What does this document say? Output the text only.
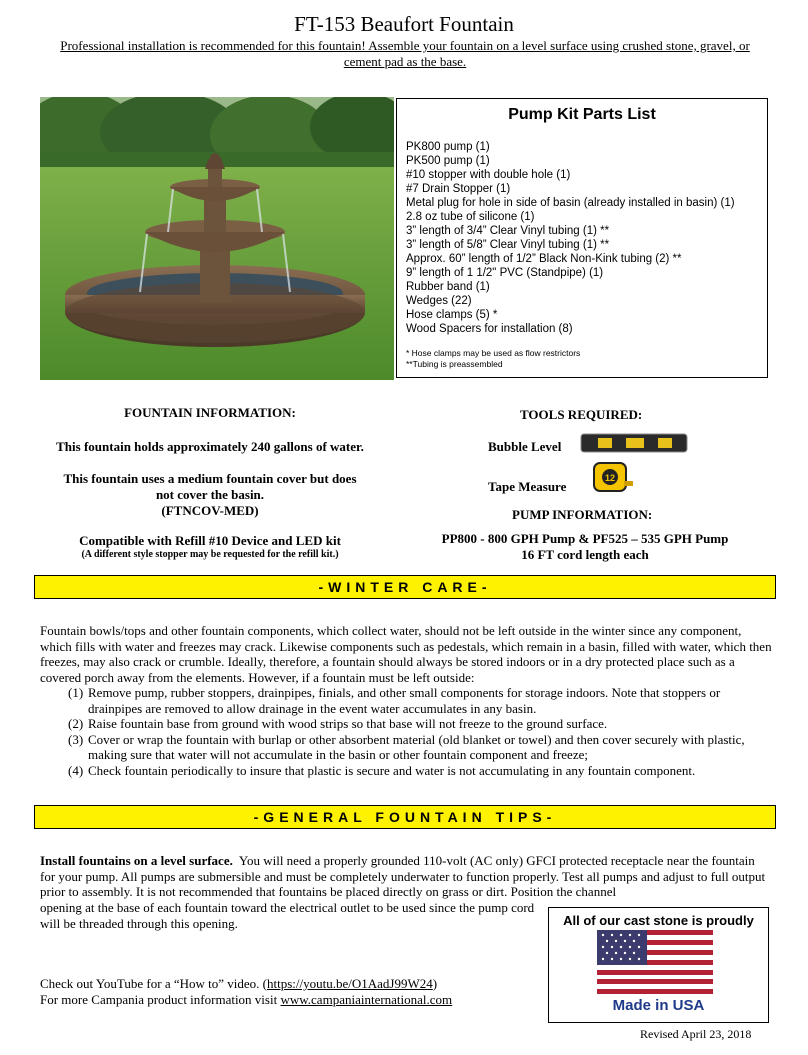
FT-153 Beaufort Fountain
Professional installation is recommended for this fountain! Assemble your fountain on a level surface using crushed stone, gravel, or cement pad as the base.
Pump Kit Parts List
PK800 pump (1)
PK500 pump (1)
#10 stopper with double hole (1)
#7 Drain Stopper (1)
Metal plug for hole in side of basin (already installed in basin) (1)
2.8 oz tube of silicone (1)
3” length of 3/4” Clear Vinyl tubing (1) **
3” length of 5/8” Clear Vinyl tubing (1) **
Approx. 60” length of 1/2” Black Non-Kink tubing (2) **
9” length of 1 1/2" PVC (Standpipe) (1)
Rubber band (1)
Wedges (22)
Hose clamps (5) *
Wood Spacers for installation (8)
* Hose clamps may be used as flow restrictors
**Tubing is preassembled

FOUNTAIN INFORMATION:

This fountain holds approximately 240 gallons of water.

This fountain uses a medium fountain cover but does

not cover the basin.

(FTNCOV-MED)

Compatible with Refill #10 Device and LED kit

(A different style stopper may be requested for the refill kit.)

TOOLS REQUIRED:
Bubble Level
Tape Measure
12
PUMP INFORMATION:
PP800 - 800 GPH Pump & PF525 – 535 GPH Pump
16 FT cord length each
-WINTER CARE-
Fountain bowls/tops and other fountain components, which collect water, should not be left outside in the winter since any component, which fills with water and freezes may crack. Likewise components such as pedestals, which remain in a basin, filled with water, which then freezes, may also crack or crumble. Ideally, therefore, a fountain should always be stored indoors or in a dry protected place such as a covered porch away from the elements. However, if a fountain must be left outside:
(1) Remove pump, rubber stoppers, drainpipes, finials, and other small components for storage indoors. Note that stoppers or drainpipes are removed to allow drainage in the event water accumulates in any basin.
(2) Raise fountain base from ground with wood strips so that base will not freeze to the ground surface.
(3) Cover or wrap the fountain with burlap or other absorbent material (old blanket or towel) and then cover securely with plastic, making sure that water will not accumulate in the basin or other fountain component and freeze;
(4) Check fountain periodically to insure that plastic is secure and water is not accumulating in any fountain component.
-GENERAL FOUNTAIN TIPS-
Install fountains on a level surface. You will need a properly grounded 110-volt (AC only) GFCI protected receptacle near the fountain for your pump. All pumps are submersible and must be completely underwater to function properly. Test all pumps and adjust to full output prior to assembly. It is not recommended that fountains be placed directly on grass or dirt. Position the channel
opening at the base of each fountain toward the electrical outlet to be used since the pump cord will be threaded through this opening.
Check out YouTube for a “How to” video. (https://youtu.be/O1AadJ99W24)
For more Campania product information visit www.campaniainternational.com
All of our cast stone is proudly
Made in USA
Revised April 23, 2018
